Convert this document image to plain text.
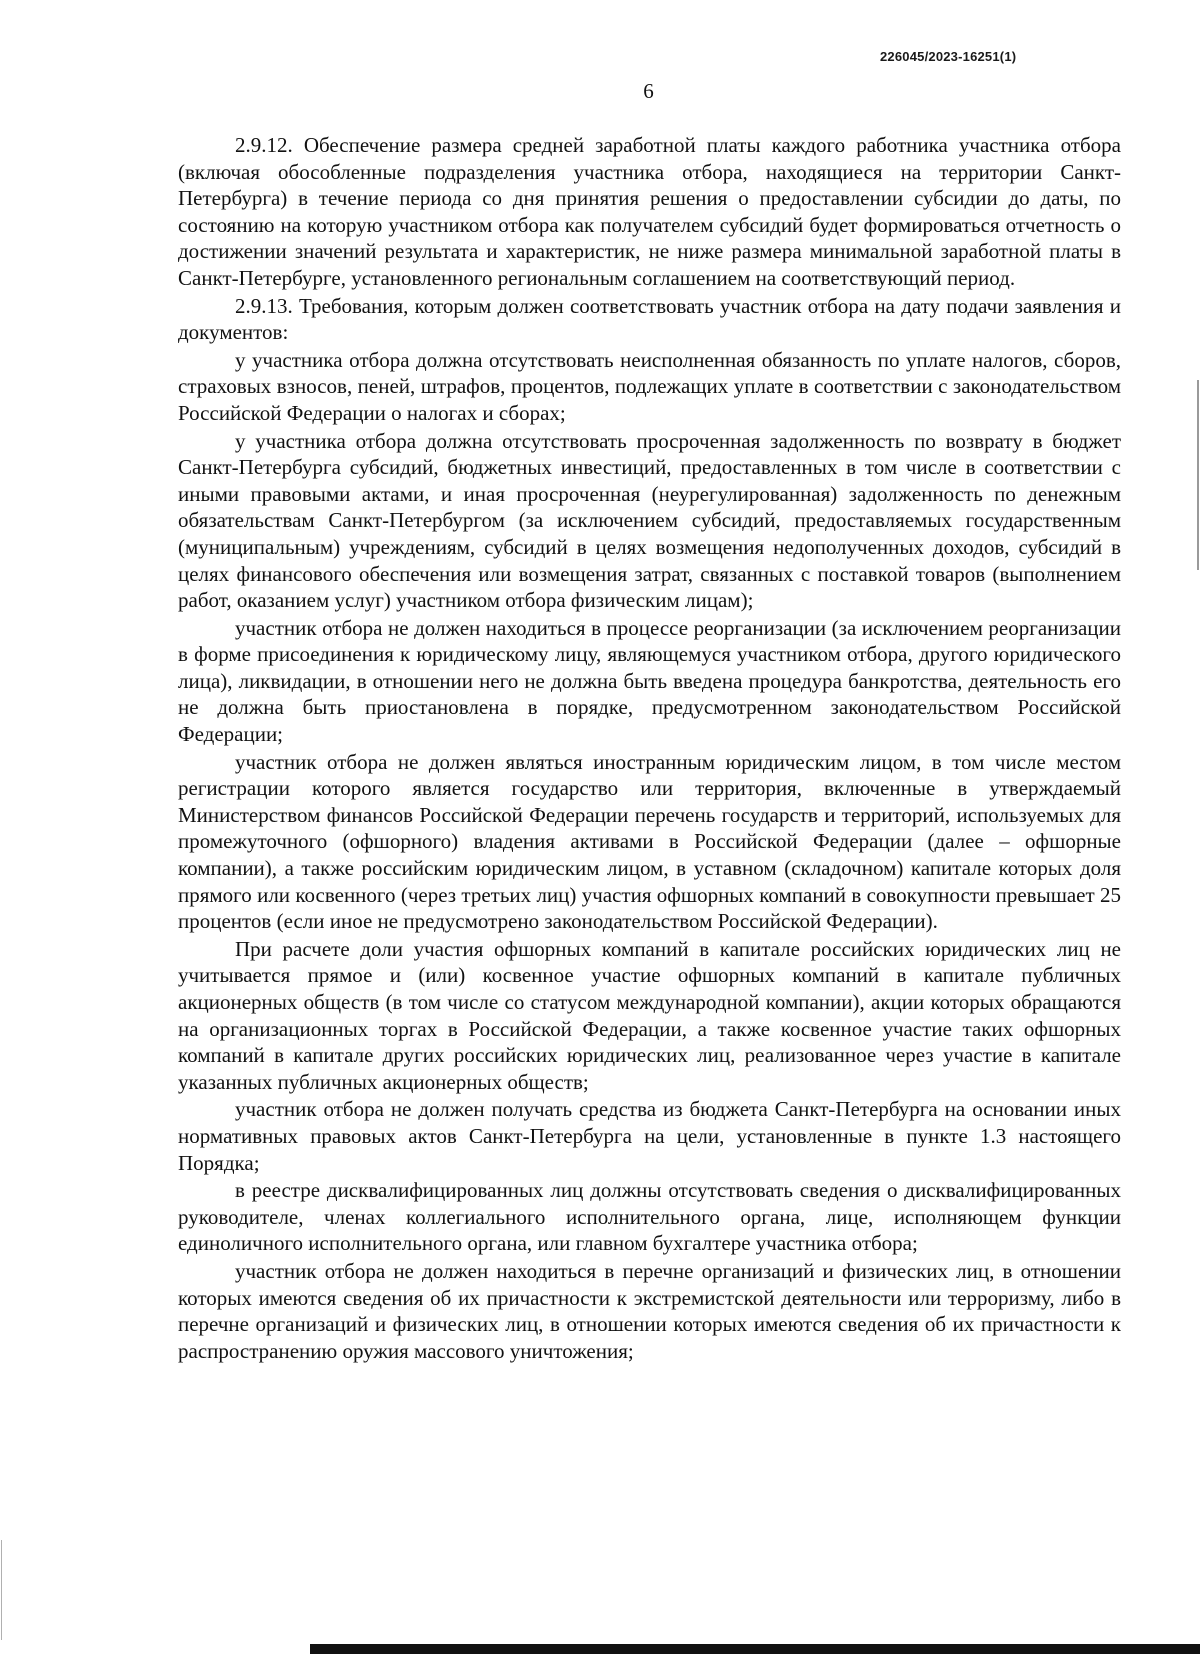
226045/2023-16251(1)
6

2.9.12. Обеспечение размера средней заработной платы каждого работника участника отбора (включая обособленные подразделения участника отбора, находящиеся на территории Санкт-Петербурга) в течение периода со дня принятия решения о предоставлении субсидии до даты, по состоянию на которую участником отбора как получателем субсидий будет формироваться отчетность о достижении значений результата и характеристик, не ниже размера минимальной заработной платы в Санкт-Петербурге, установленного региональным соглашением на соответствующий период.

2.9.13. Требования, которым должен соответствовать участник отбора на дату подачи заявления и документов:

у участника отбора должна отсутствовать неисполненная обязанность по уплате налогов, сборов, страховых взносов, пеней, штрафов, процентов, подлежащих уплате в соответствии с законодательством Российской Федерации о налогах и сборах;

у участника отбора должна отсутствовать просроченная задолженность по возврату в бюджет Санкт-Петербурга субсидий, бюджетных инвестиций, предоставленных в том числе в соответствии с иными правовыми актами, и иная просроченная (неурегулированная) задолженность по денежным обязательствам Санкт-Петербургом (за исключением субсидий, предоставляемых государственным (муниципальным) учреждениям, субсидий в целях возмещения недополученных доходов, субсидий в целях финансового обеспечения или возмещения затрат, связанных с поставкой товаров (выполнением работ, оказанием услуг) участником отбора физическим лицам);

участник отбора не должен находиться в процессе реорганизации (за исключением реорганизации в форме присоединения к юридическому лицу, являющемуся участником отбора, другого юридического лица), ликвидации, в отношении него не должна быть введена процедура банкротства, деятельность его не должна быть приостановлена в порядке, предусмотренном законодательством Российской Федерации;

участник отбора не должен являться иностранным юридическим лицом, в том числе местом регистрации которого является государство или территория, включенные в утверждаемый Министерством финансов Российской Федерации перечень государств и территорий, используемых для промежуточного (офшорного) владения активами в Российской Федерации (далее – офшорные компании), а также российским юридическим лицом, в уставном (складочном) капитале которых доля прямого или косвенного (через третьих лиц) участия офшорных компаний в совокупности превышает 25 процентов (если иное не предусмотрено законодательством Российской Федерации).

При расчете доли участия офшорных компаний в капитале российских юридических лиц не учитывается прямое и (или) косвенное участие офшорных компаний в капитале публичных акционерных обществ (в том числе со статусом международной компании), акции которых обращаются на организационных торгах в Российской Федерации, а также косвенное участие таких офшорных компаний в капитале других российских юридических лиц, реализованное через участие в капитале указанных публичных акционерных обществ;

участник отбора не должен получать средства из бюджета Санкт-Петербурга на основании иных нормативных правовых актов Санкт-Петербурга на цели, установленные в пункте 1.3 настоящего Порядка;

в реестре дисквалифицированных лиц должны отсутствовать сведения о дисквалифицированных руководителе, членах коллегиального исполнительного органа, лице, исполняющем функции единоличного исполнительного органа, или главном бухгалтере участника отбора;

участник отбора не должен находиться в перечне организаций и физических лиц, в отношении которых имеются сведения об их причастности к экстремистской деятельности или терроризму, либо в перечне организаций и физических лиц, в отношении которых имеются сведения об их причастности к распространению оружия массового уничтожения;
